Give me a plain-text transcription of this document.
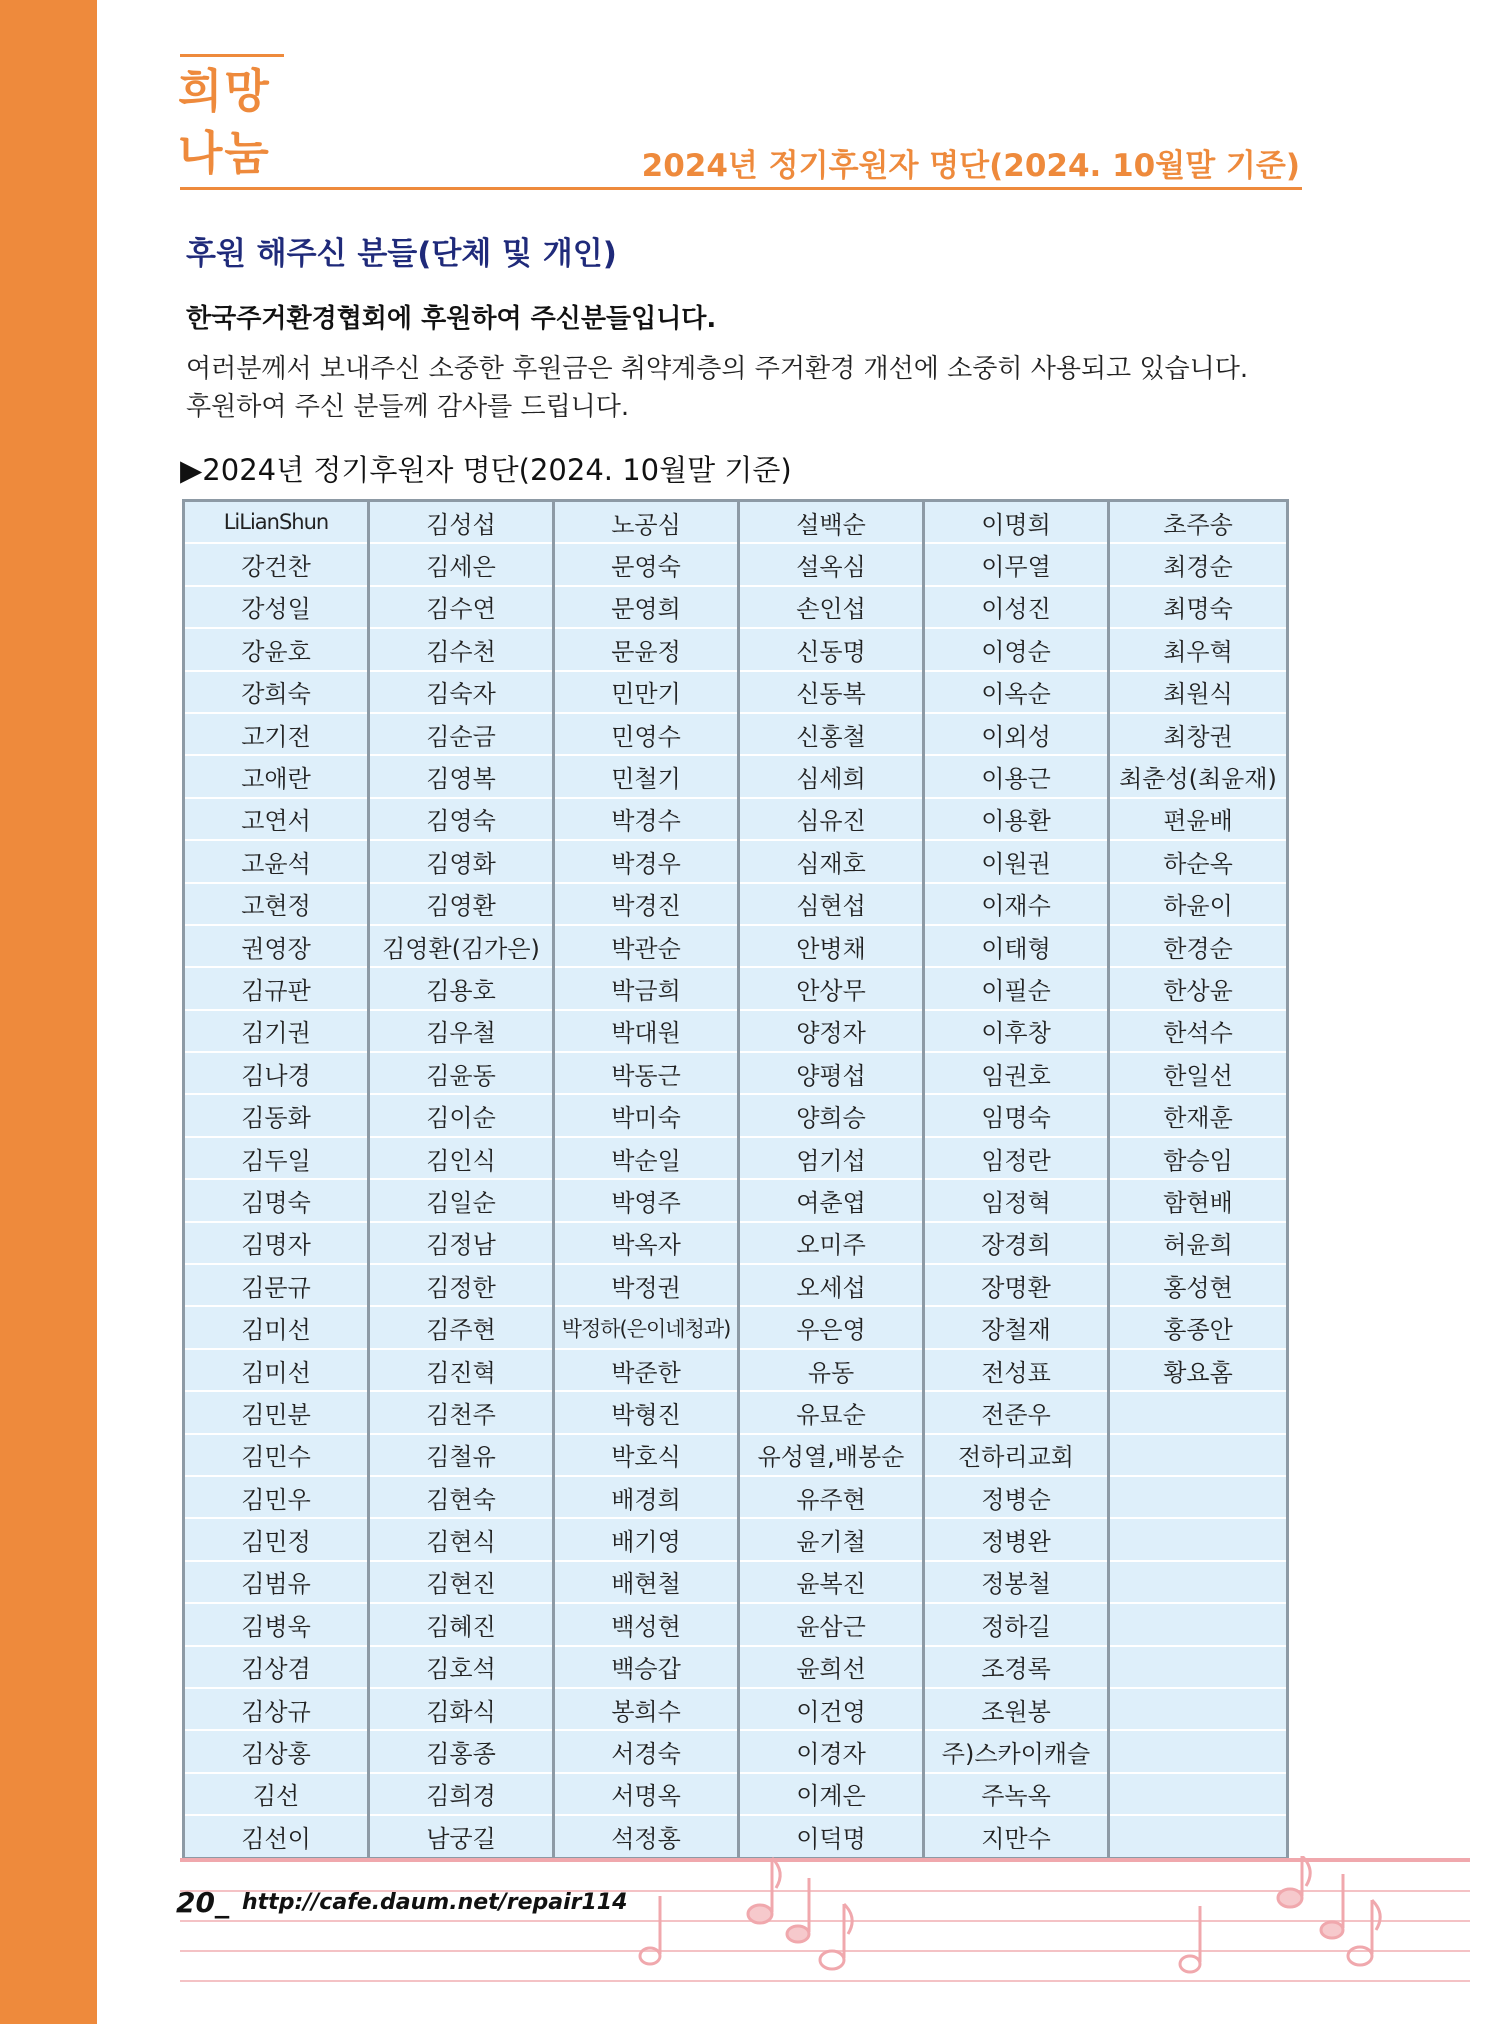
희망
나눔	2024년 정기후원자 명단(2024. 10월말 기준)
후원 해주신 분들(단체 및 개인)
한국주거환경협회에 후원하여 주신분들입니다.
여러분께서 보내주신 소중한 후원금은 취약계층의 주거환경 개선에 소중히 사용되고 있습니다.
후원하여 주신 분들께 감사를 드립니다.
▶2024년 정기후원자 명단(2024. 10월말 기준)
LiLianShun	김성섭	노공심	설백순	이명희	초주송
강건찬	김세은	문영숙	설옥심	이무열	최경순
강성일	김수연	문영희	손인섭	이성진	최명숙
강윤호	김수천	문윤정	신동명	이영순	최우혁
강희숙	김숙자	민만기	신동복	이옥순	최원식
고기전	김순금	민영수	신홍철	이외성	최창권
고애란	김영복	민철기	심세희	이용근	최춘성(최윤재)
고연서	김영숙	박경수	심유진	이용환	편윤배
고윤석	김영화	박경우	심재호	이원권	하순옥
고현정	김영환	박경진	심현섭	이재수	하윤이
권영장	김영환(김가은)	박관순	안병채	이태형	한경순
김규판	김용호	박금희	안상무	이필순	한상윤
김기권	김우철	박대원	양정자	이후창	한석수
김나경	김윤동	박동근	양평섭	임권호	한일선
김동화	김이순	박미숙	양희승	임명숙	한재훈
김두일	김인식	박순일	엄기섭	임정란	함승임
김명숙	김일순	박영주	여춘엽	임정혁	함현배
김명자	김정남	박옥자	오미주	장경희	허윤희
김문규	김정한	박정권	오세섭	장명환	홍성현
김미선	김주현	박정하(은이네청과)	우은영	장철재	홍종안
김미선	김진혁	박준한	유동	전성표	황요홈
김민분	김천주	박형진	유묘순	전준우	
김민수	김철유	박호식	유성열,배봉순	전하리교회	
김민우	김현숙	배경희	유주현	정병순	
김민정	김현식	배기영	윤기철	정병완	
김범유	김현진	배현철	윤복진	정봉철	
김병욱	김혜진	백성현	윤삼근	정하길	
김상겸	김호석	백승갑	윤희선	조경록	
김상규	김화식	봉희수	이건영	조원봉	
김상홍	김홍종	서경숙	이경자	주)스카이캐슬	
김선	김희경	서명옥	이계은	주녹옥	
김선이	남궁길	석정홍	이덕명	지만수	
20_ http://cafe.daum.net/repair114
